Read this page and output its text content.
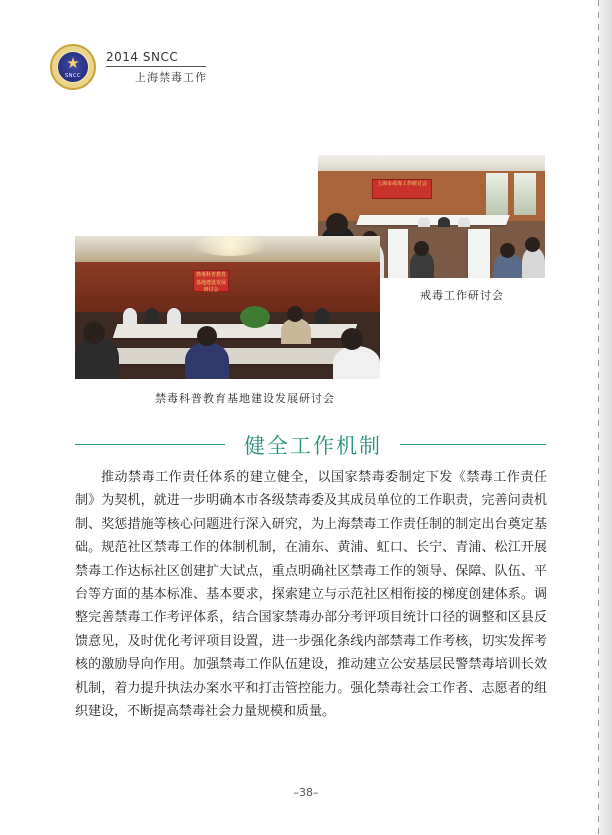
★
SNCC
2014 SNCC
上海禁毒工作
上海市戒毒工作研讨会
戒毒工作研讨会
禁毒科普教育基地建设发展研讨会
禁毒科普教育基地建设发展研讨会
健全工作机制

推动禁毒工作责任体系的建立健全，以国家禁毒委制定下发《禁毒工作责任制》为契机，就进一步明确本市各级禁毒委及其成员单位的工作职责，完善问责机制、奖惩措施等核心问题进行深入研究，为上海禁毒工作责任制的制定出台奠定基础。规范社区禁毒工作的体制机制，在浦东、黄浦、虹口、长宁、青浦、松江开展禁毒工作达标社区创建扩大试点，重点明确社区禁毒工作的领导、保障、队伍、平台等方面的基本标准、基本要求，探索建立与示范社区相衔接的梯度创建体系。调整完善禁毒工作考评体系，结合国家禁毒办部分考评项目统计口径的调整和区县反馈意见，及时优化考评项目设置，进一步强化条线内部禁毒工作考核，切实发挥考核的激励导向作用。加强禁毒工作队伍建设，推动建立公安基层民警禁毒培训长效机制，着力提升执法办案水平和打击管控能力。强化禁毒社会工作者、志愿者的组织建设，不断提高禁毒社会力量规模和质量。

–38–
